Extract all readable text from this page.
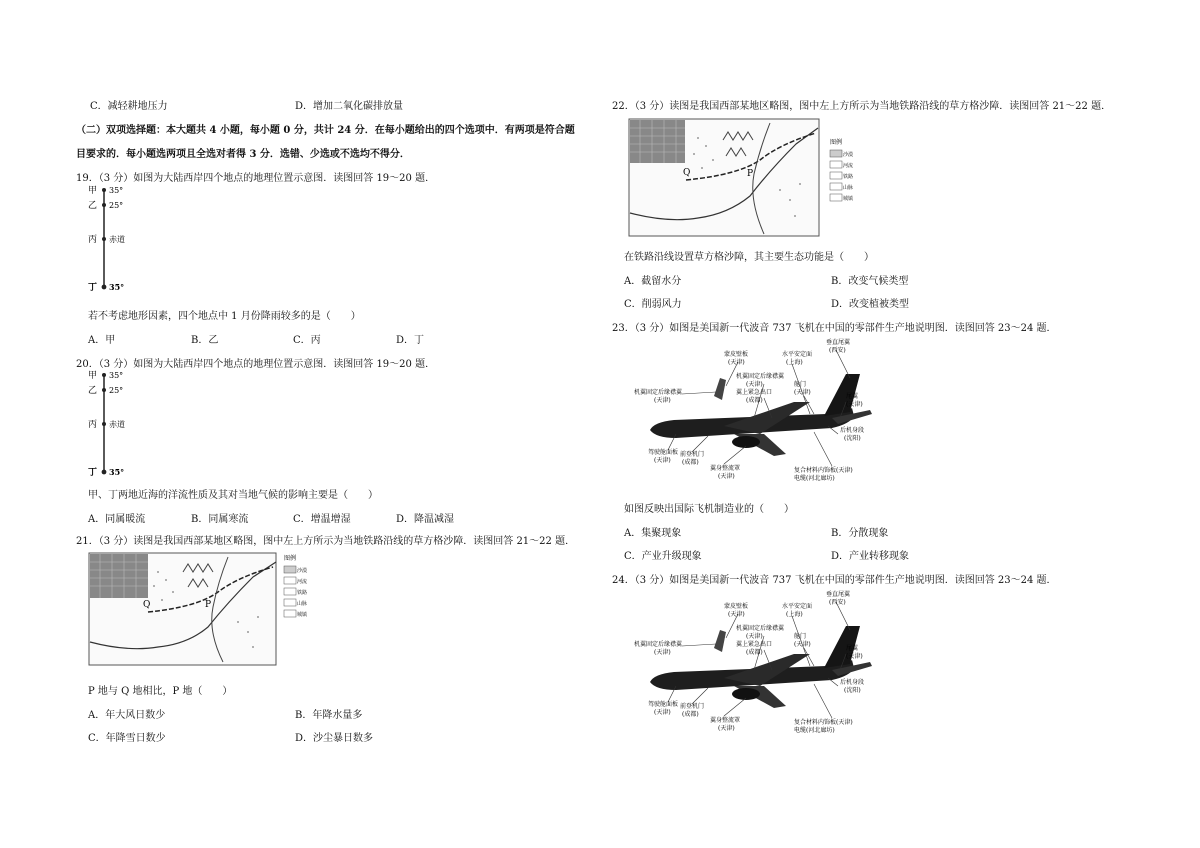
C．减轻耕地压力	D．增加二氧化碳排放量
（二）双项选择题：本大题共 4 小题，每小题 0 分，共计 24 分．在每小题给出的四个选项中．有两项是符合题
目要求的．每小题选两项且全选对者得 3 分．选错、少选或不选均不得分．
19．（3 分）如图为大陆西岸四个地点的地理位置示意图．读图回答 19～20 题．
甲
乙
丙
丁
35°
25°
赤道
35°
若不考虑地形因素，四个地点中 1 月份降雨较多的是（　　）
A．甲	B．乙	C．丙	D．丁
20．（3 分）如图为大陆西岸四个地点的地理位置示意图．读图回答 19～20 题．
甲
乙
丙
丁
35°
25°
赤道
35°
甲、丁两地近海的洋流性质及其对当地气候的影响主要是（　　）
A．同属暖流	B．同属寒流	C．增温增湿	D．降温减湿
21．（3 分）读图是我国西部某地区略图，图中左上方所示为当地铁路沿线的草方格沙障．读图回答 21～22 题．
P
Q
图例
沙漠
河流
铁路
山脉
城镇
P 地与 Q 地相比，P 地（　　）
A．年大风日数少	B．年降水量多
C．年降雪日数少	D．沙尘暴日数多
22．（3 分）读图是我国西部某地区略图，图中左上方所示为当地铁路沿线的草方格沙障．读图回答 21～22 题．
P
Q
图例
沙漠
河流
铁路
山脉
城镇
在铁路沿线设置草方格沙障，其主要生态功能是（　　）
A．截留水分	B．改变气候类型
C．削弱风力	D．改变植被类型
23．（3 分）如图是美国新一代波音 737 飞机在中国的零部件生产地说明图．读图回答 23～24 题．
蒙皮壁板
(天津)
水平安定面
(上海)
垂直尾翼
(西安)
机翼固定后缘襟翼
(天津)
机翼固定后缘襟翼
(天津)
翼上紧急出口
(成都)
舱门
(天津)
尾翼
(天津)
后机身段
(沈阳)
驾驶舱面板
(天津)
前登机门
(成都)
翼身整流罩
(天津)
复合材料内饰板(天津)
电缆(河北廊坊)
如图反映出国际飞机制造业的（　　）
A．集聚现象	B．分散现象
C．产业升级现象	D．产业转移现象
24．（3 分）如图是美国新一代波音 737 飞机在中国的零部件生产地说明图．读图回答 23～24 题．
蒙皮壁板
(天津)
水平安定面
(上海)
垂直尾翼
(西安)
机翼固定后缘襟翼
(天津)
机翼固定后缘襟翼
(天津)
翼上紧急出口
(成都)
舱门
(天津)
尾翼
(天津)
后机身段
(沈阳)
驾驶舱面板
(天津)
前登机门
(成都)
翼身整流罩
(天津)
复合材料内饰板(天津)
电缆(河北廊坊)
